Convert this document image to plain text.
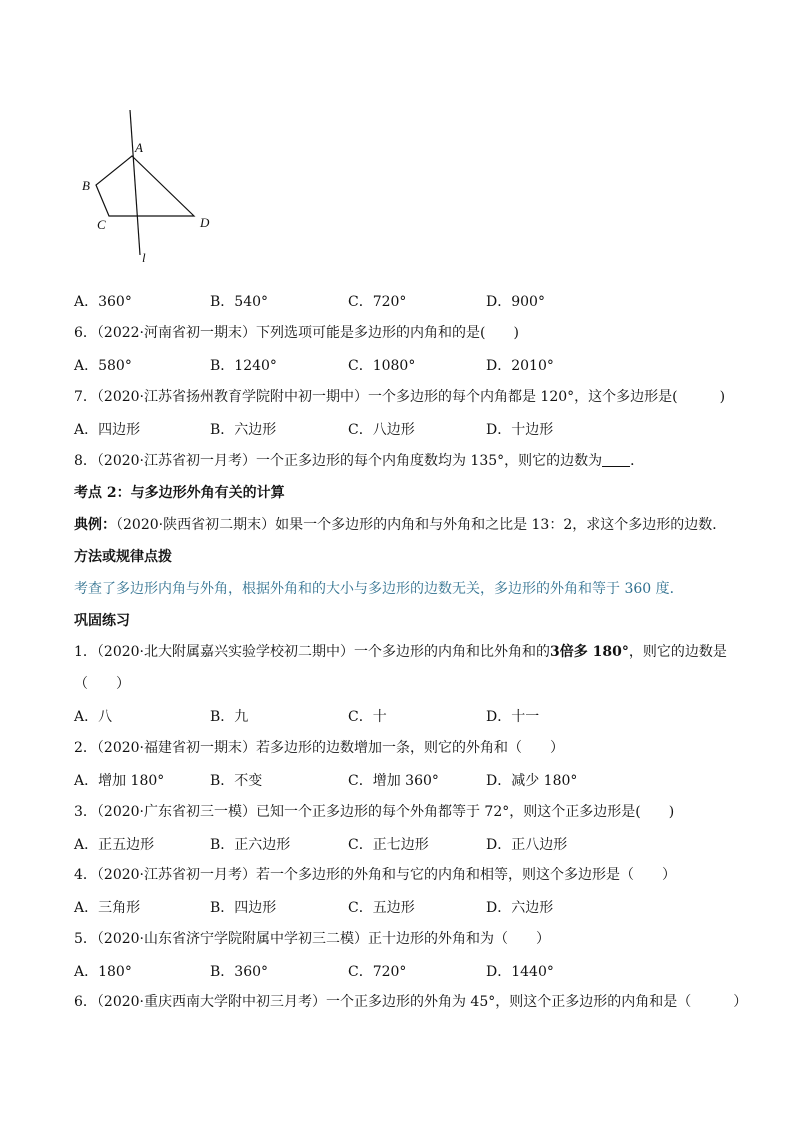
A
B
C	D
l
A．360°	B．540°	C．720°	D．900°
6．（2022·河南省初一期末）下列选项可能是多边形的内角和的是(　　)
A．580°	B．1240°	C．1080°	D．2010°
7．（2020·江苏省扬州教育学院附中初一期中）一个多边形的每个内角都是 120°，这个多边形是(　　　)
A．四边形	B．六边形	C．八边形	D．十边形
8．（2020·江苏省初一月考）一个正多边形的每个内角度数均为 135°，则它的边数为 ．
考点 2：与多边形外角有关的计算
典例：（2020·陕西省初二期末）如果一个多边形的内角和与外角和之比是 13：2，求这个多边形的边数．
方法或规律点拨
考查了多边形内角与外角，根据外角和的大小与多边形的边数无关，多边形的外角和等于 360 度．
巩固练习
1．（2020·北大附属嘉兴实验学校初二期中）一个多边形的内角和比外角和的3倍多 180°，则它的边数是
（　　）
A．八	B．九	C．十	D．十一
2．（2020·福建省初一期末）若多边形的边数增加一条，则它的外角和（　　）
A．增加 180°	B．不变	C．增加 360°	D．减少 180°
3．（2020·广东省初三一模）已知一个正多边形的每个外角都等于 72°，则这个正多边形是(　　)
A．正五边形	B．正六边形	C．正七边形	D．正八边形
4．（2020·江苏省初一月考）若一个多边形的外角和与它的内角和相等，则这个多边形是（　　）
A．三角形	B．四边形	C．五边形	D．六边形
5．（2020·山东省济宁学院附属中学初三二模）正十边形的外角和为（　　）
A．180°	B．360°	C．720°	D．1440°
6．（2020·重庆西南大学附中初三月考）一个正多边形的外角为 45°，则这个正多边形的内角和是（　　　）
